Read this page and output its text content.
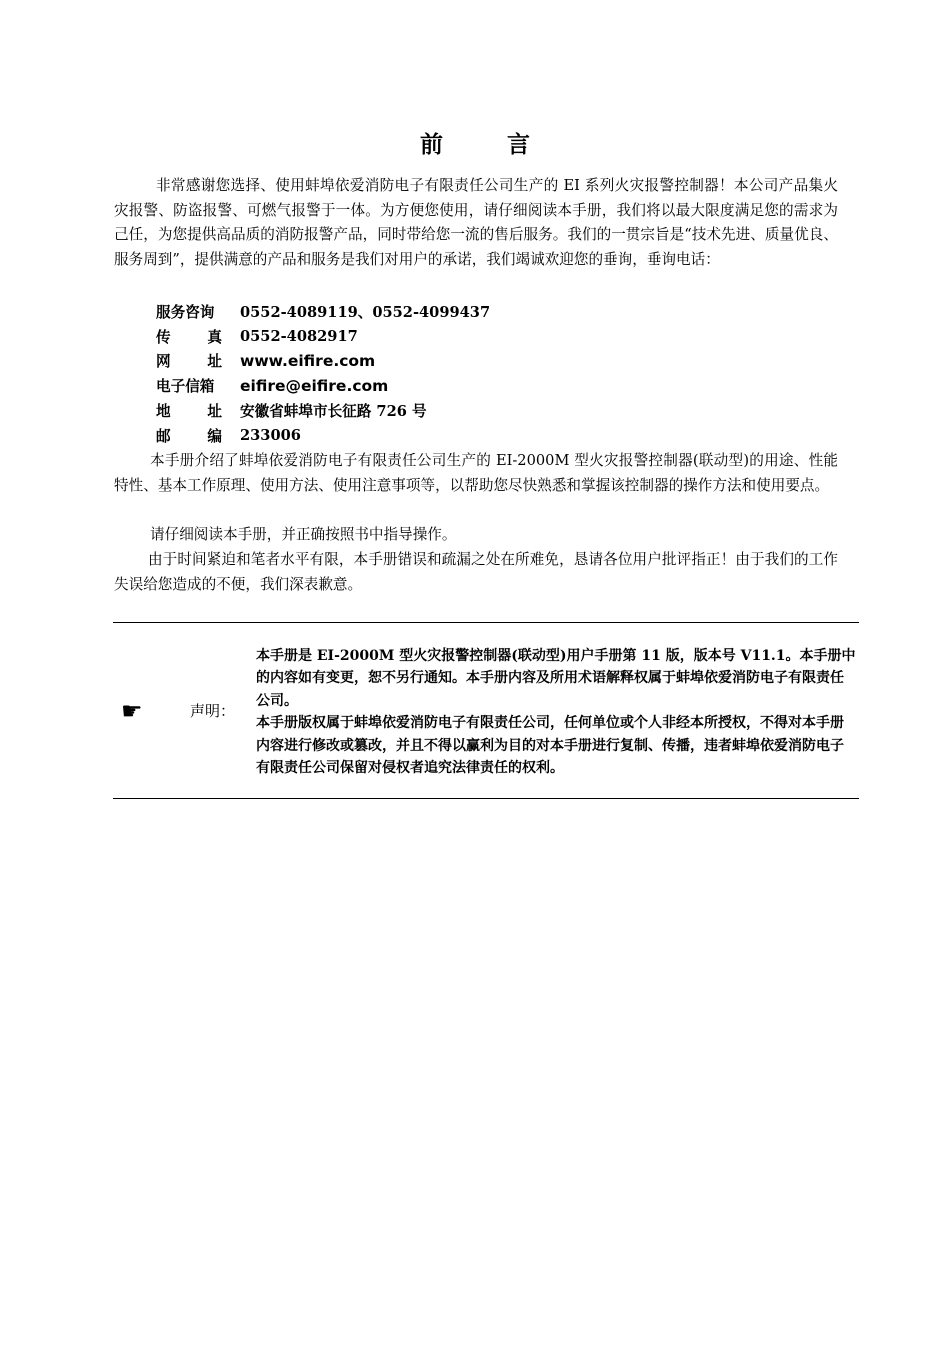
前 言
非常感谢您选择、使用蚌埠依爱消防电子有限责任公司生产的 EI 系列火灾报警控制器！本公司产品集火灾报警、防盗报警、可燃气报警于一体。为方便您使用，请仔细阅读本手册，我们将以最大限度满足您的需求为己任，为您提供高品质的消防报警产品，同时带给您一流的售后服务。我们的一贯宗旨是“技术先进、质量优良、服务周到”，提供满意的产品和服务是我们对用户的承诺，我们竭诚欢迎您的垂询，垂询电话：
服务咨询 0552-4089119、0552-4099437
传	真 0552-4082917
网	址 www.eifire.com
电子信箱 eifire@eifire.com
地	址 安徽省蚌埠市长征路 726 号
邮	编 233006
本手册介绍了蚌埠依爱消防电子有限责任公司生产的 EI-2000M 型火灾报警控制器(联动型)的用途、性能特性、基本工作原理、使用方法、使用注意事项等，以帮助您尽快熟悉和掌握该控制器的操作方法和使用要点。
请仔细阅读本手册，并正确按照书中指导操作。
由于时间紧迫和笔者水平有限，本手册错误和疏漏之处在所难免，恳请各位用户批评指正！由于我们的工作失误给您造成的不便，我们深表歉意。
☛	声明：
本手册是 EI-2000M 型火灾报警控制器(联动型)用户手册第 11 版，版本号 V11.1。本手册中的内容如有变更，恕不另行通知。本手册内容及所用术语解释权属于蚌埠依爱消防电子有限责任公司。
本手册版权属于蚌埠依爱消防电子有限责任公司，任何单位或个人非经本所授权，不得对本手册内容进行修改或篡改，并且不得以赢利为目的对本手册进行复制、传播，违者蚌埠依爱消防电子有限责任公司保留对侵权者追究法律责任的权利。
